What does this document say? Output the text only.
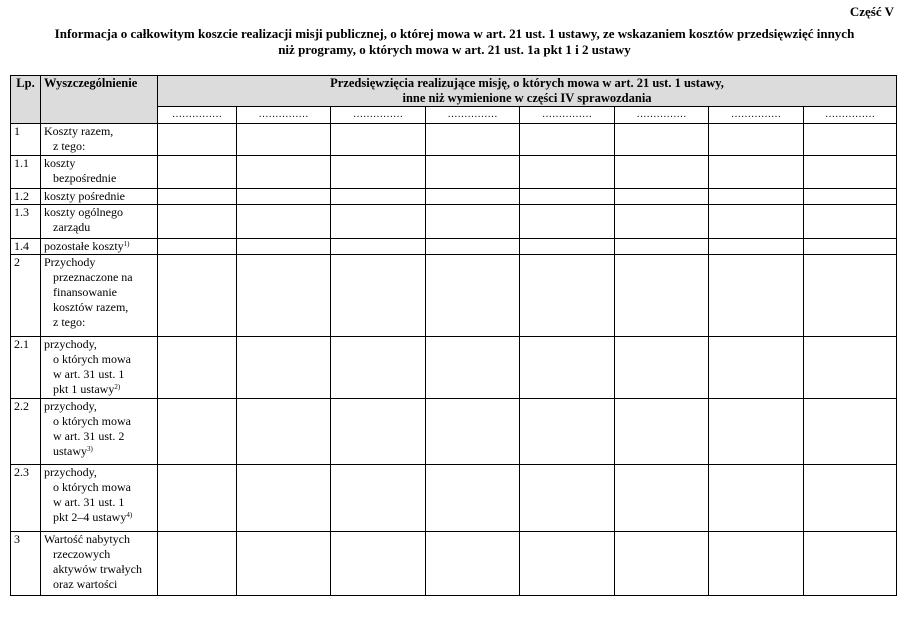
Część V
Informacja o całkowitym koszcie realizacji misji publicznej, o której mowa w art. 21 ust. 1 ustawy, ze wskazaniem kosztów przedsięwzięć innych
niż programy, o których mowa w art. 21 ust. 1a pkt 1 i 2 ustawy
Lp.	Wyszczególnienie	Przedsięwzięcia realizujące misję, o których mowa w art. 21 ust. 1 ustawy,
inne niż wymienione w części IV sprawozdania							

		……………	……………	……………	……………	……………	……………	……………	……………
1	Koszty razem,
z tego:								

1.1	koszty
bezpośrednie								

1.2	koszty pośrednie								

1.3	koszty ogólnego
zarządu								

1.4	pozostałe koszty$^{1)}$

2	Przychody
przeznaczone na
finansowanie
kosztów razem,
z tego:								

2.1	przychody,
o których mowa
w art. 31 ust. 1
pkt 1 ustawy$^{2)}$

2.2	przychody,
o których mowa
w art. 31 ust. 2
ustawy$^{3)}$

2.3	przychody,
o których mowa
w art. 31 ust. 1
pkt 2–4 ustawy$^{4)}$

3	Wartość nabytych
rzeczowych
aktywów trwałych
oraz wartości								
